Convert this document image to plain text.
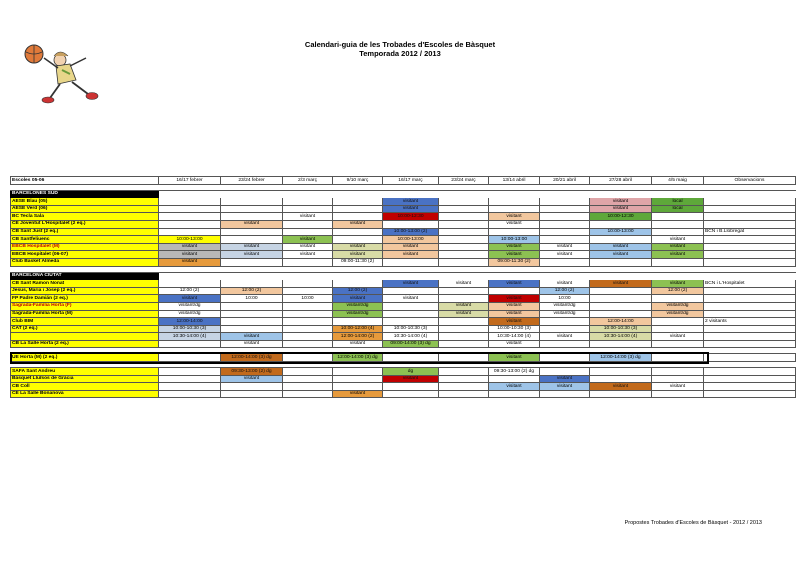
Calendari-guia de les Trobades d'Escoles de Bàsquet
Temporada 2012 / 2013
Escoles 05-06	16/17 febrer	23/24 febrer	2/3 març	9/10 març	16/17 març	23/24 març	13/14 abril	20/21 abril	27/28 abril	4/5 maig	Observacions

BARCELONÈS SUD											
AESE Blau (05)					visitant				visitant	local	
AESE Verd (06)					visitant				visitant	local	
BC Tecla Sala			visitant		10:00-12:30		visitant		10:00-12:30		
CE Joventut L'Hospitalet (2 eq.)		visitant		visitant			visitant				
CB Sant Just (2 eq.)					10:00-13:00 (2)				10:00-13:00		BCN i B.Llobregat
CB Santfeliuenc	10:00-13:00		visitant		10:00-13:00		10:00-13:00			visitant	
EBCB Hospitalet (M)	visitant	visitant	visitant	visitant	visitant		visitant	visitant	visitant	visitant	
EBCB Hospitalet (06-07)	visitant	visitant	visitant	visitant	visitant		visitant	visitant	visitant	visitant	
Club Basket Almeda	visitant			09:00-11:30 (2)			09:00-11:30 (2)				

BARCELONA CIUTAT											
CB Sant Ramon Nonat					visitant	visitant	visitant	visitant	visitant	visitant	BCN i L'Hospitalet
Jesus, Maria i Josep (2 eq.)	12:00 (2)	12:00 (2)		12:00 (2)				12:00 (2)		12:00 (2)	
FP Padre Damián (2 eq.)	visitant	10:00	10:00	visitant	visitant		visitant	10:00			
Sagrada-Família Horta (F)	visitant/dg			visitant/dg		visitant	visitant	visitant/dg		visitant/dg	
Sagrada-Família Horta (M)	visitant/dg			visitant/dg		visitant	visitant	visitant/dg		visitant/dg	
Club BIM	12:00-14:00						visitant		12:00-14:00		2 visitants
CAT (2 eq.)	10:00-10:30 (3)			10:00-12:00 (4)	10:00-10:30 (3)		10:00-10:30 (3)		10:00-10:30 (3)		
	10:30-14:00 (4)	visitant		12:00-14:00 (2)	10:30-14:00 (4)		10:30-14:00 (4)	visitant	10:30-14:00 (4)	visitant	
CB La Salle Horta (2 eq.)		visitant		visitant	09:00-14:00 (3) dg		visitant				

UE Horta (M) (2 eq.)		12:00-14:00 (3) dg		12:00-14:00 (3) dg			visitant		12:00-14:00 (3) dg		

SAFA Sant Andreu		09:30-13:00 (2) dg			dg		09:30-13:00 (2) dg				
Bàsquet Lluïsos de Gràcia		visitant			visitant			visitant			
CB Coll							visitant	visitant	visitant	visitant	
CE La Salle Bonanova				visitant							
Propostes Trobades d'Escoles de Bàsquet - 2012 / 2013
